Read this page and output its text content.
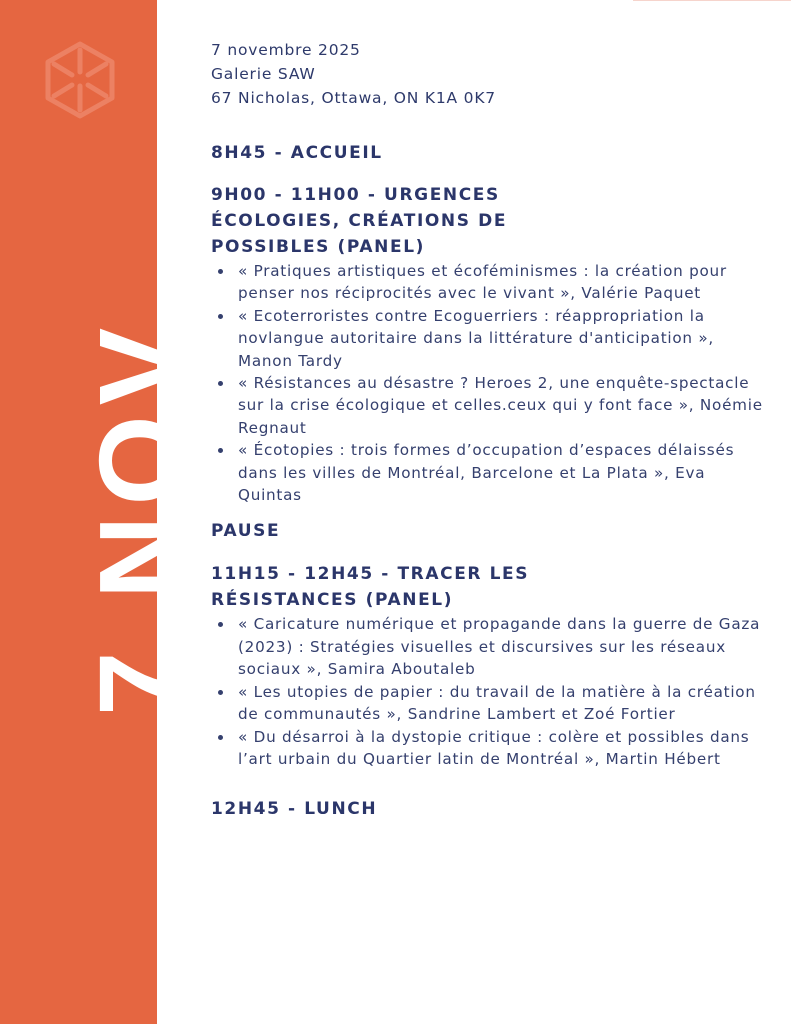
7 NOV
7 novembre 2025
Galerie SAW
67 Nicholas, Ottawa, ON K1A 0K7
8H45 - ACCUEIL
9H00 - 11H00 - URGENCES ÉCOLOGIES, CRÉATIONS DE POSSIBLES (PANEL)
« Pratiques artistiques et écoféminismes : la création pour penser nos réciprocités avec le vivant », Valérie Paquet
« Ecoterroristes contre Ecoguerriers : réappropriation la novlangue autoritaire dans la littérature d'anticipation », Manon Tardy
« Résistances au désastre ? Heroes 2, une enquête-spectacle sur la crise écologique et celles.ceux qui y font face », Noémie Regnaut
« Écotopies : trois formes d’occupation d’espaces délaissés dans les villes de Montréal, Barcelone et La Plata », Eva Quintas
PAUSE
11H15 - 12H45 - TRACER LES RÉSISTANCES (PANEL)
« Caricature numérique et propagande dans la guerre de Gaza (2023) : Stratégies visuelles et discursives sur les réseaux sociaux », Samira Aboutaleb
« Les utopies de papier : du travail de la matière à la création de communautés », Sandrine Lambert et Zoé Fortier
« Du désarroi à la dystopie critique : colère et possibles dans l’art urbain du Quartier latin de Montréal », Martin Hébert
12H45 - LUNCH
